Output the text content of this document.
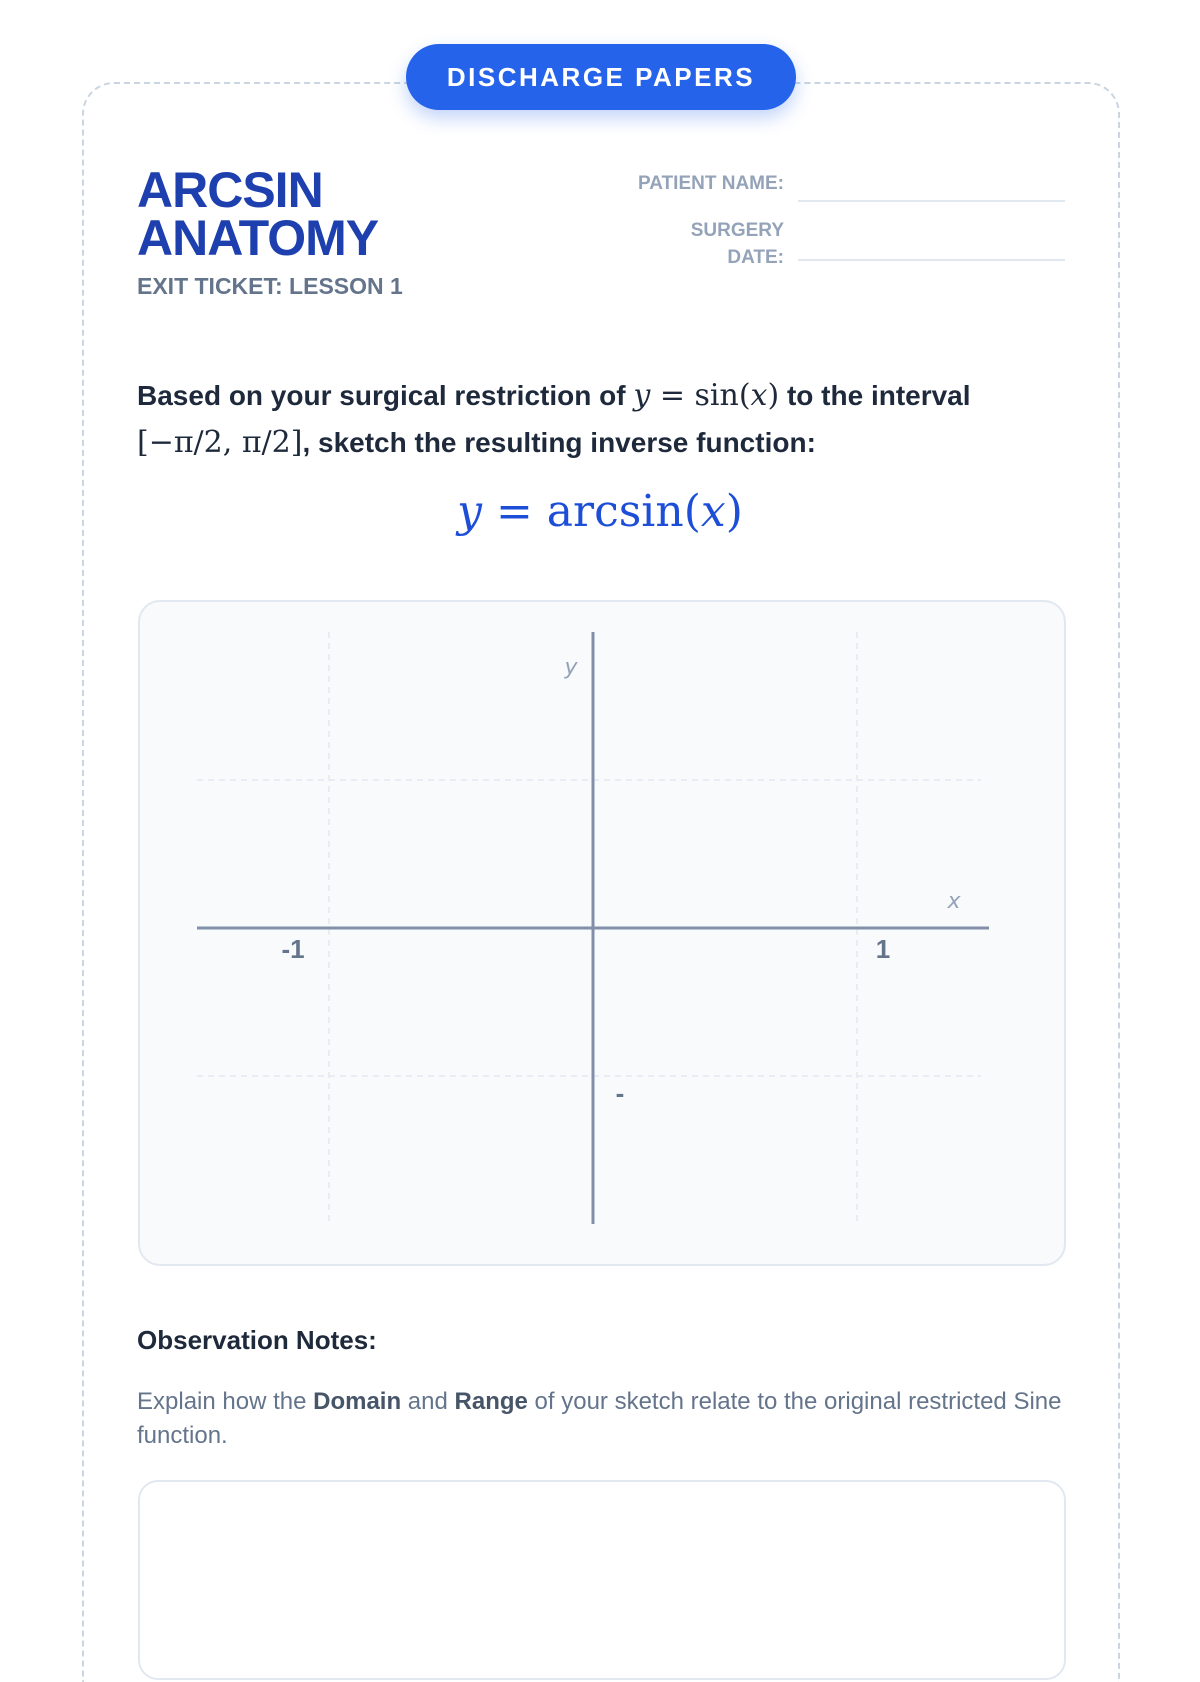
DISCHARGE PAPERS
ARCSIN
ANATOMY
EXIT TICKET: LESSON 1
PATIENT NAME:
SURGERY
DATE:
Based on your surgical restriction of y = sin(x) to the interval
[−π/2, π/2], sketch the resulting inverse function:
y = arcsin(x)
x
y
-1	1
-
Observation Notes:
Explain how the Domain and Range of your sketch relate to the original restricted Sine function.
